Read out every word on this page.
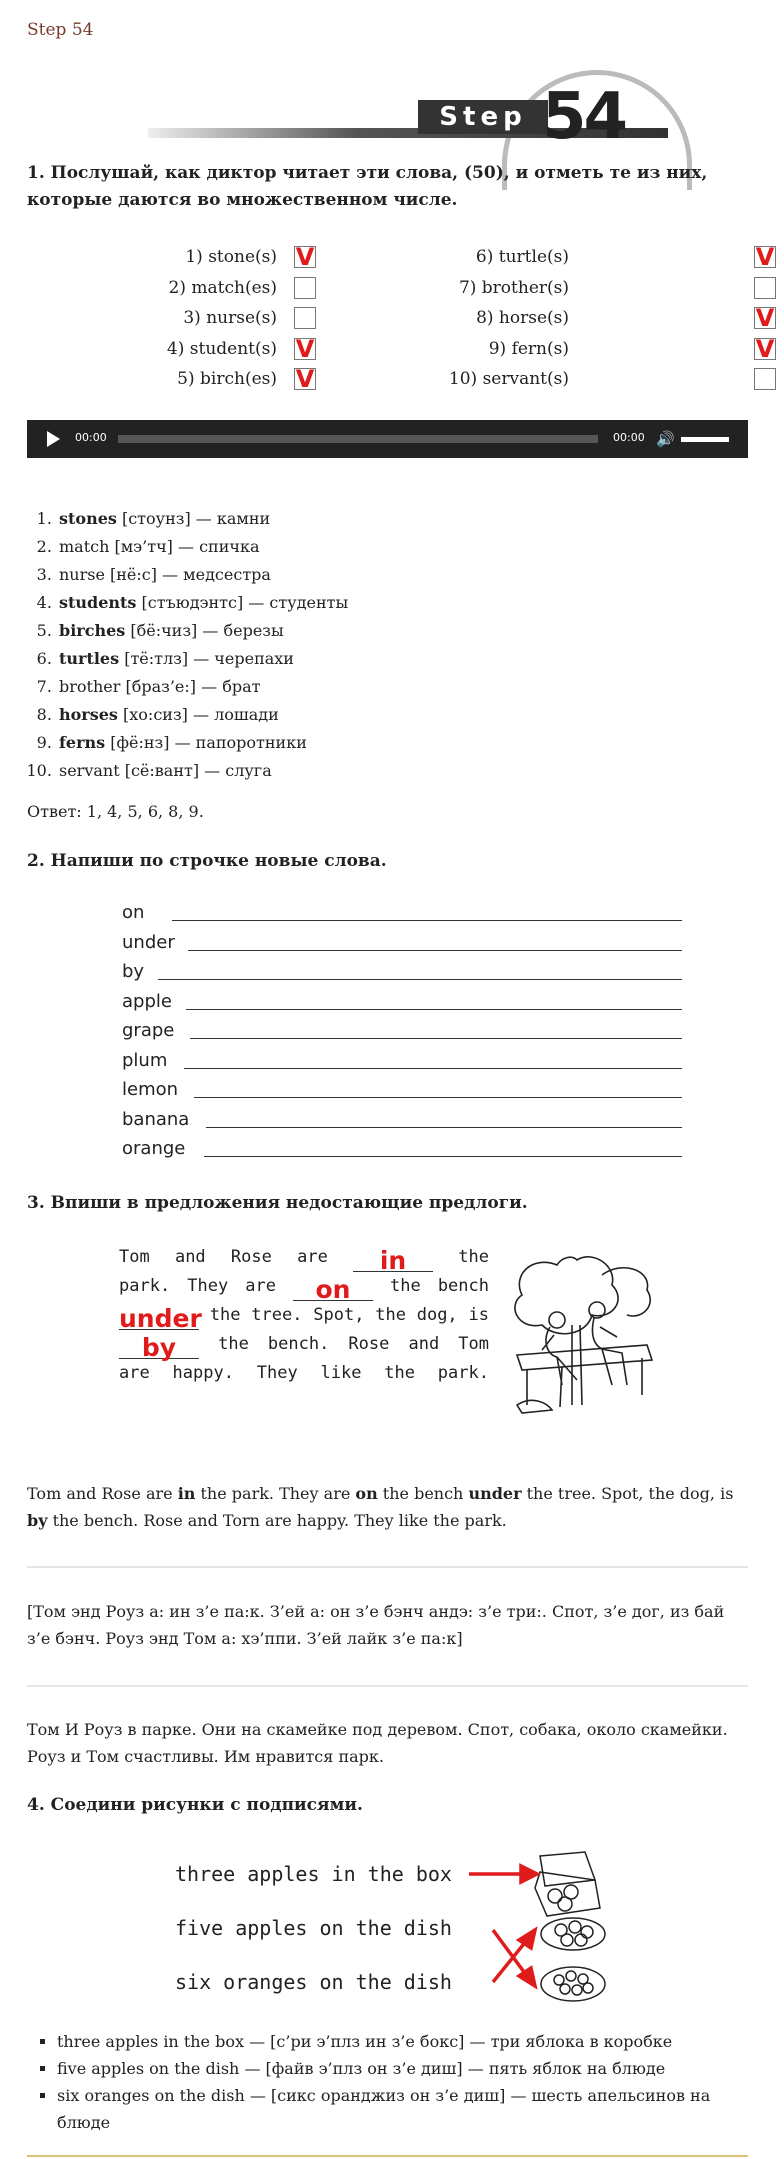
Step 54
Step 54
1. Послушай, как диктор читает эти слова, (50), и отметь те из них, которые даются во множественном числе.
1) stone(s) V
2) match(es)
3) nurse(s)
4) student(s) V
5) birch(es) V
6) turtle(s)	V
7) brother(s)
8) horse(s)	V
9) fern(s)	V
10) servant(s)
00:00	00:00 🔊
1. stones [стоунз] — камни
2. match [мэ’тч] — спичка
3. nurse [нё:с] — медсестра
4. students [стъюдэнтс] — студенты
5. birches [бё:чиз] — березы
6. turtles [тё:тлз] — черепахи
7. brother [браз’е:] — брат
8. horses [хо:сиз] — лошади
9. ferns [фё:нз] — папоротники
10. servant [сё:вант] — слуга
Ответ: 1, 4, 5, 6, 8, 9.
2. Напиши по строчке новые слова.
on
under
by
apple
grape
plum
lemon
banana
orange
3. Впиши в предложения недостающие предлоги.
Tom and Rose are	in	the
park. They are	on	the bench
under the tree. Spot, the dog, is
by	the bench. Rose and Tom
are happy. They like the park.
Tom and Rose are in the park. They are on the bench under the tree. Spot, the dog, is by the bench. Rose and Torn are happy. They like the park.
[Том энд Роуз а: ин з’е па:к. З’ей а: он з’е бэнч андэ: з’е три:. Спот, з’е дог, из бай з’е бэнч. Роуз энд Том а: хэ’ппи. З’ей лайк з’е па:к]
Том И Роуз в парке. Они на скамейке под деревом. Спот, собака, около скамейки. Роуз и Том счастливы. Им нравится парк.
4. Соедини рисунки с подписями.
three apples in the box
five apples on the dish
six oranges on the dish
▪ three apples in the box — [с’ри э’плз ин з’е бокс] — три яблока в коробке
▪ five apples on the dish — [файв э’плз он з’е диш] — пять яблок на блюде
▪ six oranges on the dish — [сикс оранджиз он з’е диш] — шесть апельсинов на блюде
